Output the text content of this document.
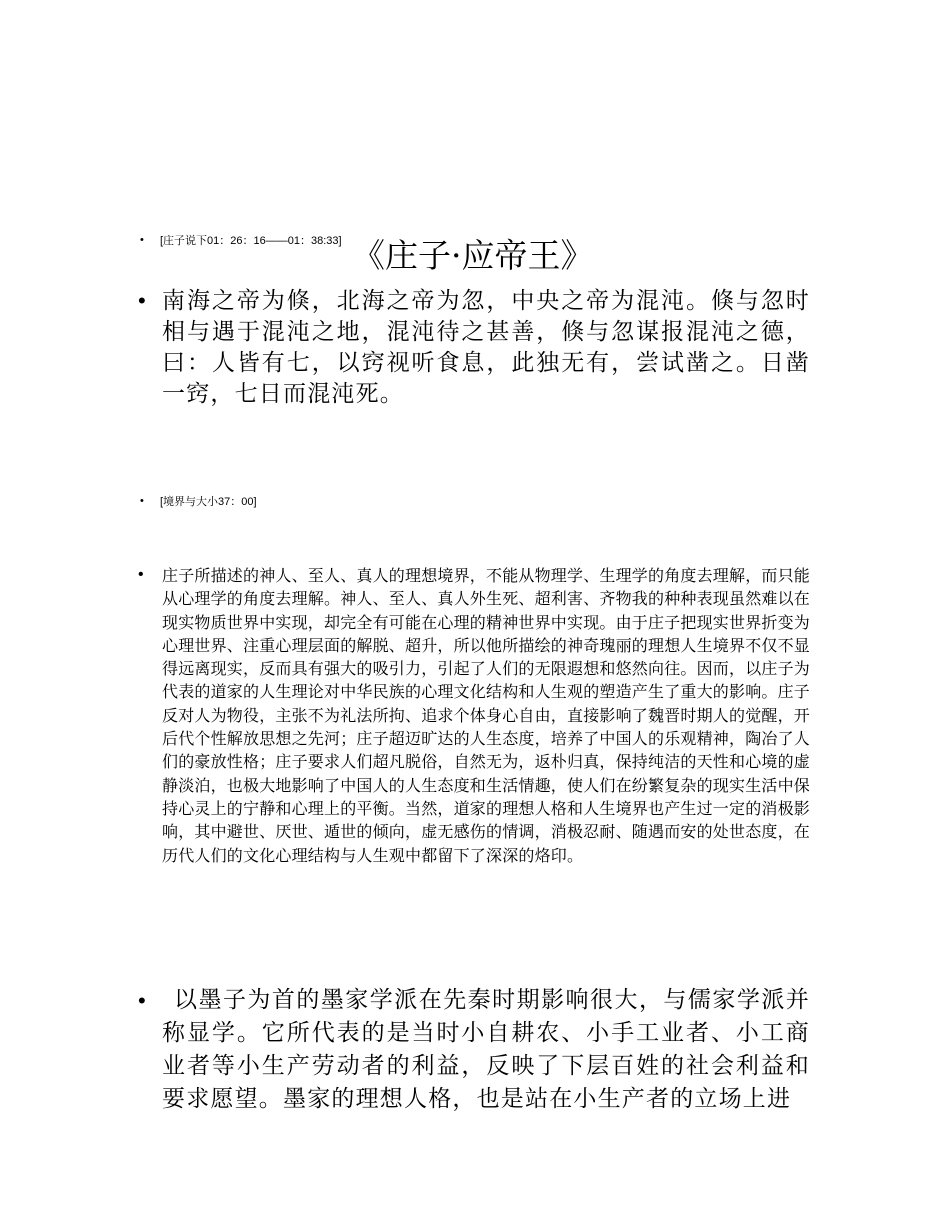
• [庄子说下01：26：16——01：38:33] 《庄子·应帝王》
• 南海之帝为倏，北海之帝为忽，中央之帝为混沌。倏与忽时相与遇于混沌之地，混沌待之甚善，倏与忽谋报混沌之德，曰：人皆有七，以窍视听食息，此独无有，尝试凿之。日凿一窍，七日而混沌死。

• [境界与大小37：00]
• 庄子所描述的神人、至人、真人的理想境界，不能从物理学、生理学的角度去理解，而只能从心理学的角度去理解。神人、至人、真人外生死、超利害、齐物我的种种表现虽然难以在现实物质世界中实现，却完全有可能在心理的精神世界中实现。由于庄子把现实世界折变为心理世界、注重心理层面的解脱、超升，所以他所描绘的神奇瑰丽的理想人生境界不仅不显得远离现实，反而具有强大的吸引力，引起了人们的无限遐想和悠然向往。因而，以庄子为代表的道家的人生理论对中华民族的心理文化结构和人生观的塑造产生了重大的影响。庄子反对人为物役，主张不为礼法所拘、追求个体身心自由，直接影响了魏晋时期人的觉醒，开后代个性解放思想之先河；庄子超迈旷达的人生态度，培养了中国人的乐观精神，陶冶了人们的豪放性格；庄子要求人们超凡脱俗，自然无为，返朴归真，保持纯洁的天性和心境的虚静淡泊，也极大地影响了中国人的人生态度和生活情趣，使人们在纷繁复杂的现实生活中保持心灵上的宁静和心理上的平衡。当然，道家的理想人格和人生境界也产生过一定的消极影响，其中避世、厌世、遁世的倾向，虚无感伤的情调，消极忍耐、随遇而安的处世态度，在历代人们的文化心理结构与人生观中都留下了深深的烙印。

•	以墨子为首的墨家学派在先秦时期影响很大，与儒家学派并称显学。它所代表的是当时小自耕农、小手工业者、小工商业者等小生产劳动者的利益，反映了下层百姓的社会利益和要求愿望。墨家的理想人格，也是站在小生产者的立场上进
